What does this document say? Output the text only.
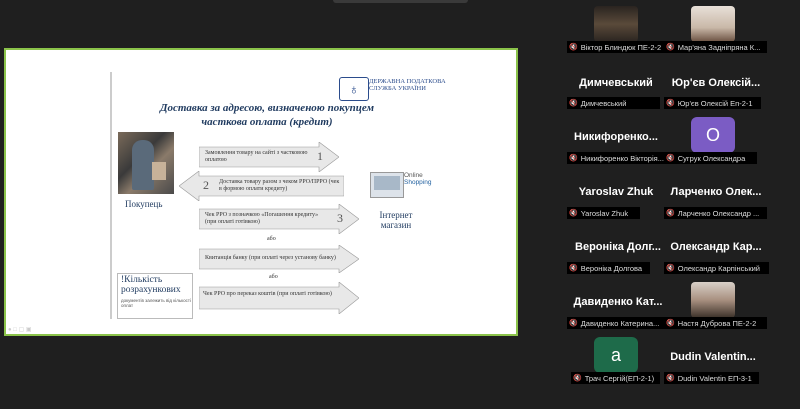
♁	ДЕРЖАВНА ПОДАТКОВА СЛУЖБА УКРАЇНИ
Доставка за адресою, визначеною покупцем часткова оплата (кредит)
Покупець
Замовлення товару на сайті з частковою оплатою	1
2 Доставка товару разом з чеком РРО/ПРРО (чек в формою оплати кредиту)
Чек РРО з позначкою «Погашення кредиту» (при оплаті готівкою)	3
або
Квитанція банку (при оплаті через установу банку)
або
Чек РРО про переказ коштів (при оплаті готівкою)
Online
Shopping
Інтернет магазин
!Кількість розрахункових
документів залежить від кількості оплат
● □ ▢ ▣
🔇 Віктор Блиндюк ПЕ-2-2 🔇 Мар'яна Задніпряна К...
Димчевський
🔇 Димчевський
Юр'єв Олексій...
🔇 Юр'єв Олексій Еп-2-1
Никифоренко...
🔇 Никифоренко Вікторія...
O
🔇 Сугрук Олександра
Yaroslav Zhuk
🔇 Yaroslav Zhuk
Ларченко Олек...
🔇 Ларченко Олександр ...
Вероніка Долг...
🔇 Вероніка Долгова
Олександр Кар...
🔇 Олександр Карпінський
Давиденко Кат...
🔇 Давиденко Катерина... 🔇 Настя Дуброва ПЕ-2-2
a
🔇 Трач Сергій(ЕП-2-1)
Dudin Valentin...
🔇 Dudin Valentin ЕП-3-1
